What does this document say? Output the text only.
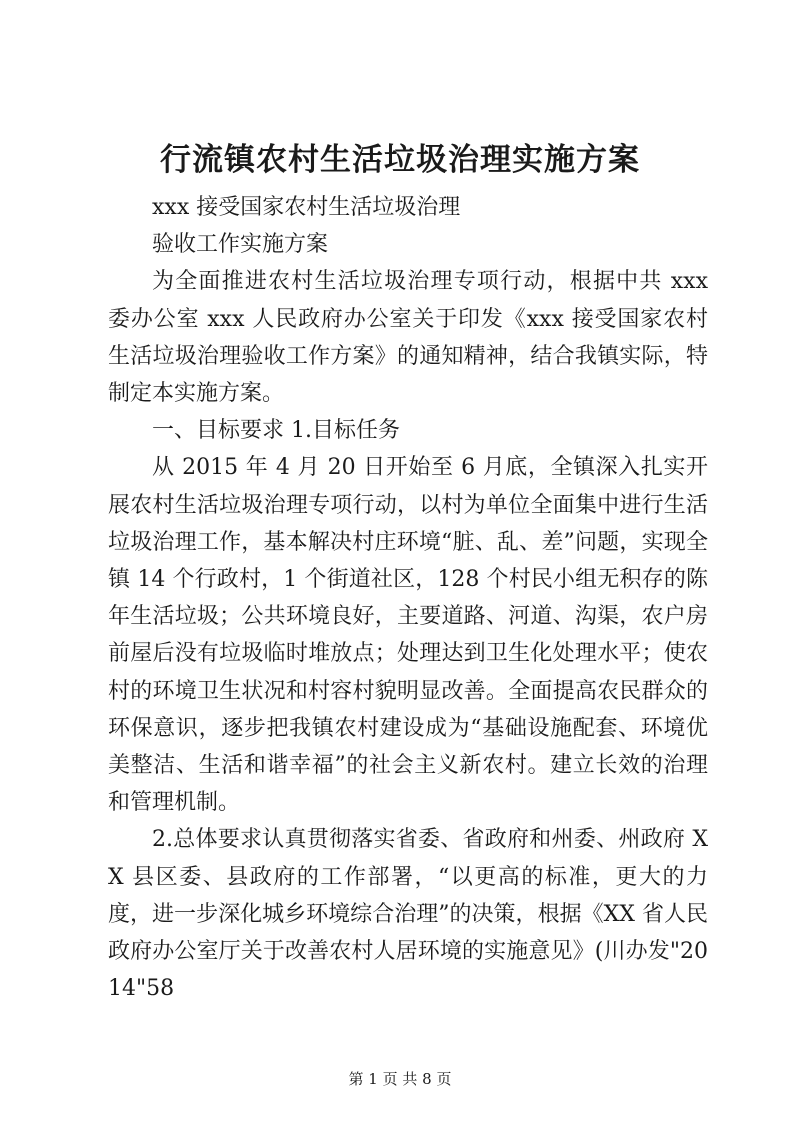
行流镇农村生活垃圾治理实施方案

xxx 接受国家农村生活垃圾治理

验收工作实施方案

为全面推进农村生活垃圾治理专项行动，根据中共 xxx 委办公室 xxx 人民政府办公室关于印发《xxx 接受国家农村生活垃圾治理验收工作方案》的通知精神，结合我镇实际，特制定本实施方案。

一、目标要求 1.目标任务

从 2015 年 4 月 20 日开始至 6 月底，全镇深入扎实开展农村生活垃圾治理专项行动，以村为单位全面集中进行生活垃圾治理工作，基本解决村庄环境“脏、乱、差”问题，实现全镇 14 个行政村，1 个街道社区，128 个村民小组无积存的陈年生活垃圾；公共环境良好，主要道路、河道、沟渠，农户房前屋后没有垃圾临时堆放点；处理达到卫生化处理水平；使农村的环境卫生状况和村容村貌明显改善。全面提高农民群众的环保意识，逐步把我镇农村建设成为“基础设施配套、环境优美整洁、生活和谐幸福”的社会主义新农村。建立长效的治理和管理机制。

2.总体要求认真贯彻落实省委、省政府和州委、州政府 XX 县区委、县政府的工作部署，“以更高的标准，更大的力度，进一步深化城乡环境综合治理”的决策，根据《XX 省人民政府办公室厅关于改善农村人居环境的实施意见》(川办发"2014"58

第 1 页 共 8 页
